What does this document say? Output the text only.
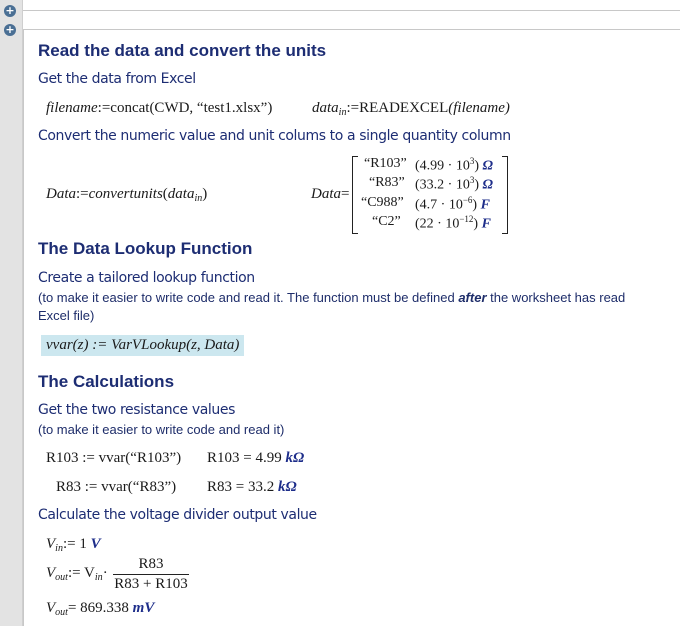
+
+
Read the data and convert the units
Get the data from Excel
filename:=concat(CWD, “test1.xlsx”)	data$_{in}$:=READEXCEL(filename)
Convert the numeric value and unit colums to a single quantity column
Data:=convertunits(data$_{in}$)	Data=
“R103” $(4.99 \cdot 10^3)$ Ω
“R83” $(33.2 \cdot 10^3)$ Ω
“C988” $(4.7 \cdot 10^{-6})$ F
“C2” $(22 \cdot 10^{-12})$ F
The Data Lookup Function
Create a tailored lookup function
(to make it easier to write code and read it. The function must be defined after the worksheet has read
Excel file)
vvar(z) := VarVLookup(z, Data)
The Calculations
Get the two resistance values
(to make it easier to write code and read it)
R103 := vvar(“R103”) R103 = 4.99 kΩ
R83 := vvar(“R83”) R83 = 33.2 kΩ
Calculate the voltage divider output value
$V_{in}:= 1$ V
$V_{out}:= V_{in}\cdot \frac{R83}{R83 + R103}$
$V_{out}= 869.338$ mV
